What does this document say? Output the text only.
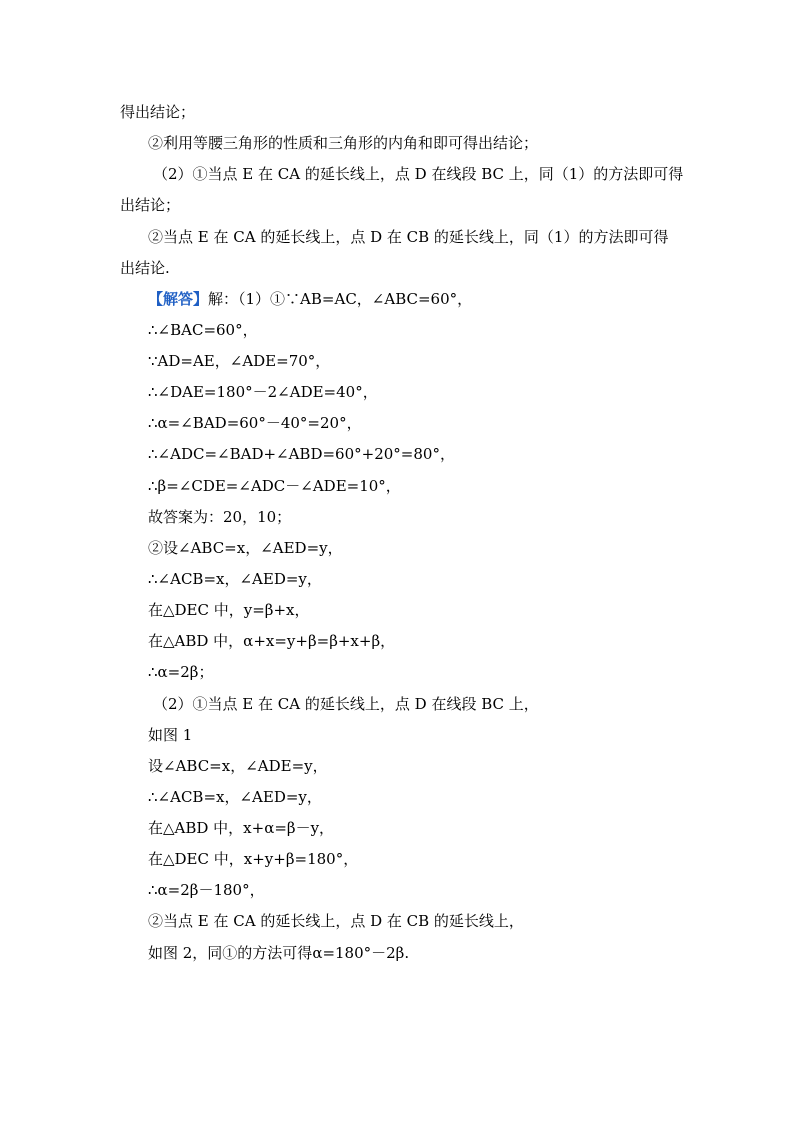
得出结论；
②利用等腰三角形的性质和三角形的内角和即可得出结论；
（2）①当点 E 在 CA 的延长线上，点 D 在线段 BC 上，同（1）的方法即可得
出结论；
②当点 E 在 CA 的延长线上，点 D 在 CB 的延长线上，同（1）的方法即可得
出结论.
【解答】解：（1）①∵AB=AC，∠ABC=60°，
∴∠BAC=60°，
∵AD=AE，∠ADE=70°，
∴∠DAE=180°－2∠ADE=40°，
∴α=∠BAD=60°－40°=20°，
∴∠ADC=∠BAD+∠ABD=60°+20°=80°，
∴β=∠CDE=∠ADC－∠ADE=10°，
故答案为：20，10；
②设∠ABC=x，∠AED=y，
∴∠ACB=x，∠AED=y，
在△DEC 中，y=β+x，
在△ABD 中，α+x=y+β=β+x+β，
∴α=2β；
（2）①当点 E 在 CA 的延长线上，点 D 在线段 BC 上，
如图 1
设∠ABC=x，∠ADE=y，
∴∠ACB=x，∠AED=y，
在△ABD 中，x+α=β－y，
在△DEC 中，x+y+β=180°，
∴α=2β－180°，
②当点 E 在 CA 的延长线上，点 D 在 CB 的延长线上，
如图 2，同①的方法可得α=180°－2β.
